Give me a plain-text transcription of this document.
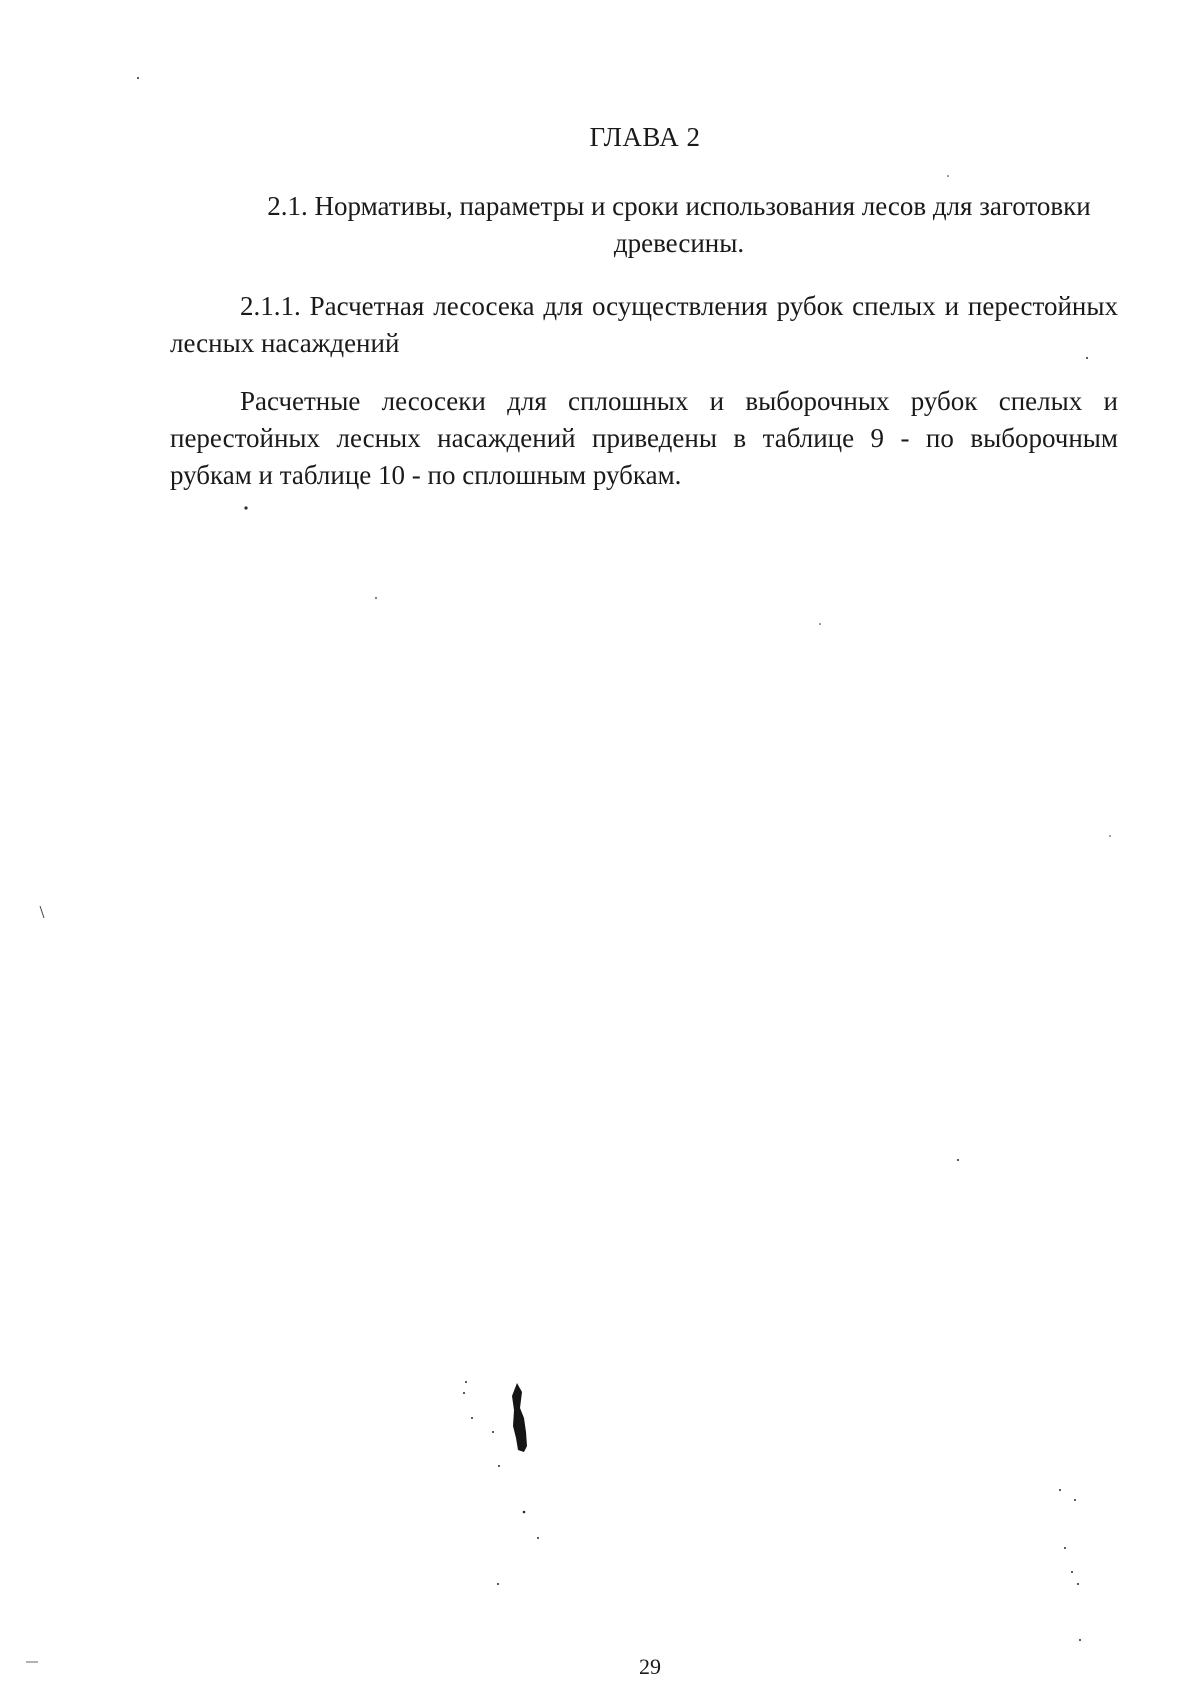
ГЛАВА 2
2.1. Нормативы, параметры и сроки использования лесов для заготовки древесины.

2.1.1. Расчетная лесосека для осуществления рубок спелых и перестойных лесных насаждений

Расчетные лесосеки для сплошных и выборочных рубок спелых и перестойных лесных насаждений приведены в таблице 9 - по выборочным рубкам и таблице 10 - по сплошным рубкам.

29
